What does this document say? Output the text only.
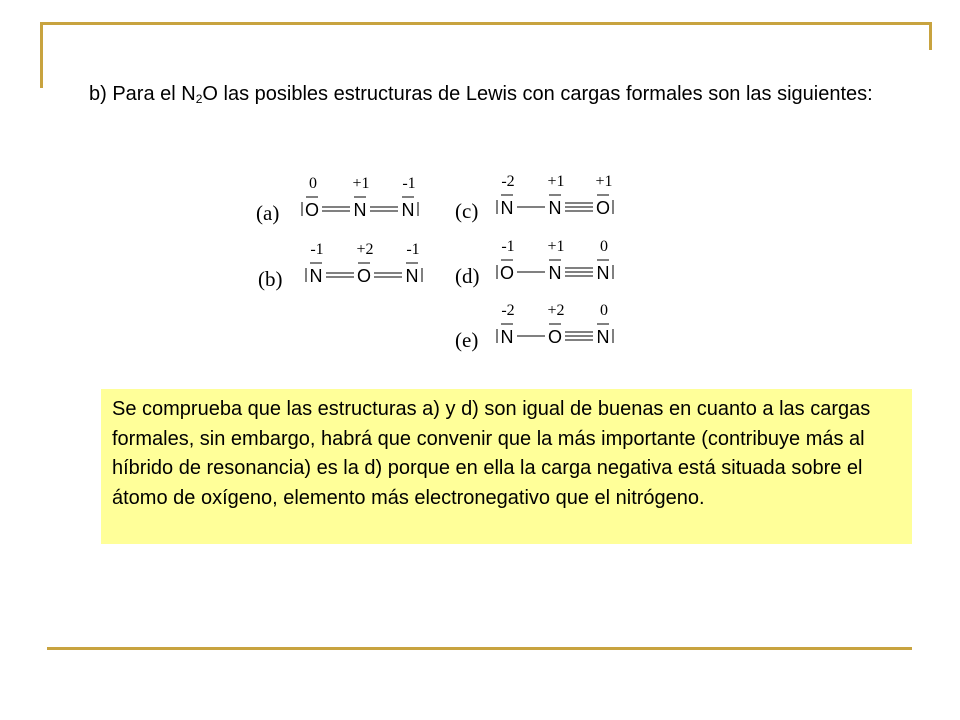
b) Para el $N_2O$ las posibles estructuras de Lewis con cargas formales son las siguientes:
(a) O
0
N
+1
N
-1
(b) N
-1
O
+2
N
-1
(c) N
-2
N
+1
O
+1
(d) O
-1
N
+1
N
0
(e) N
-2
O
+2
N
0
Se comprueba que las estructuras a) y d) son igual de buenas en cuanto a las cargas formales, sin embargo, habrá que convenir que la más importante (contribuye más al híbrido de resonancia) es la d) porque en ella la carga negativa está situada sobre el átomo de oxígeno, elemento más electronegativo que el nitrógeno.
